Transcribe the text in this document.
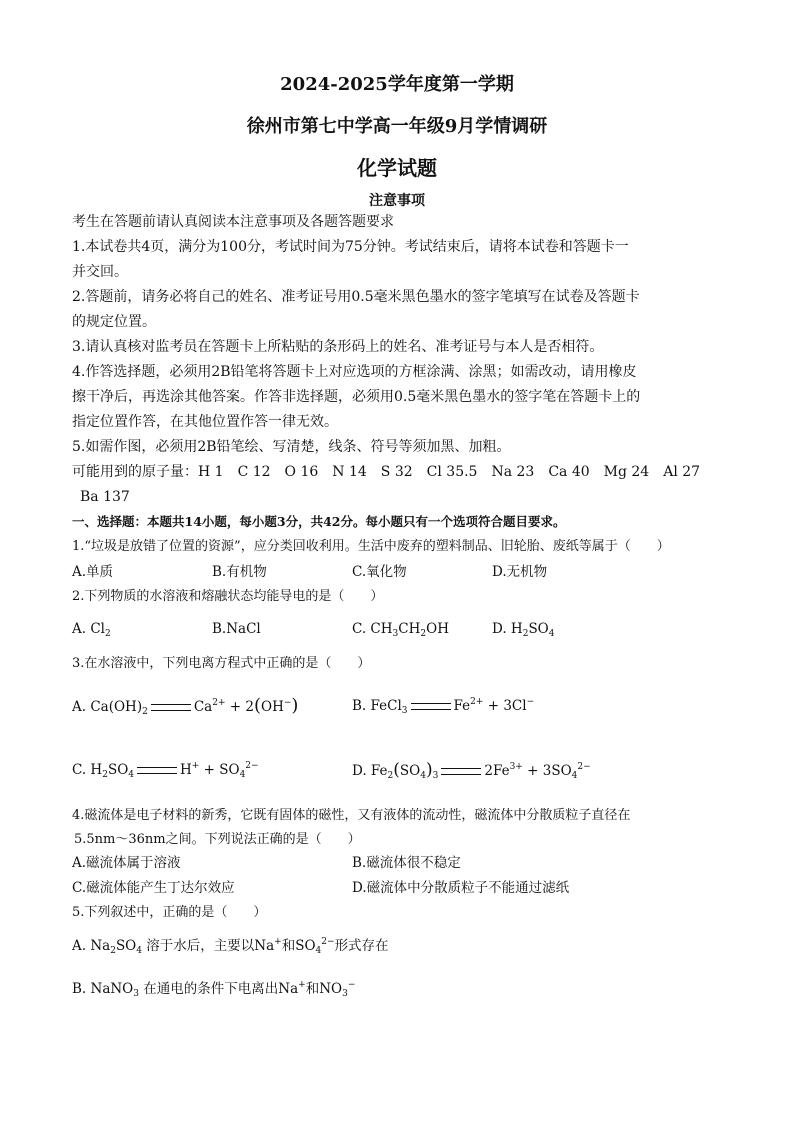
2024-2025学年度第一学期
徐州市第七中学高一年级9月学情调研
化学试题
注意事项
考生在答题前请认真阅读本注意事项及各题答题要求
1.本试卷共4页，满分为100分，考试时间为75分钟。考试结束后，请将本试卷和答题卡一
并交回。
2.答题前，请务必将自己的姓名、准考证号用0.5毫米黑色墨水的签字笔填写在试卷及答题卡
的规定位置。
3.请认真核对监考员在答题卡上所粘贴的条形码上的姓名、准考证号与本人是否相符。
4.作答选择题，必须用2B铅笔将答题卡上对应选项的方框涂满、涂黑；如需改动，请用橡皮
擦干净后，再选涂其他答案。作答非选择题，必须用0.5毫米黑色墨水的签字笔在答题卡上的
指定位置作答，在其他位置作答一律无效。
5.如需作图，必须用2B铅笔绘、写清楚，线条、符号等须加黑、加粗。
可能用到的原子量：H 1　C 12　O 16　N 14　S 32　Cl 35.5　Na 23　Ca 40　Mg 24　Al 27
Ba 137
一、选择题：本题共14小题，每小题3分，共42分。每小题只有一个选项符合题目要求。
1.“垃圾是放错了位置的资源”，应分类回收利用。生活中废弃的塑料制品、旧轮胎、废纸等属于（　　）
A.单质	B.有机物	C.氧化物	D.无机物
2.下列物质的水溶液和熔融状态均能导电的是（　　）
A. $Cl_2$	B.NaCl	C. $CH_3CH_2OH$	D. $H_2SO_4$
3.在水溶液中，下列电离方程式中正确的是（　　）
A. $Ca(OH)_2$	$Ca^{2+} + 2(OH^-)$	B. FeCl$_3$	$Fe^{2+} + 3Cl^-$
C. $H_2SO_4$	$H^+ + SO_4^{2-}$	D. $Fe_2(SO_4)_3$	$2Fe^{3+} + 3SO_4^{2-}$
4.磁流体是电子材料的新秀，它既有固体的磁性，又有液体的流动性，磁流体中分散质粒子直径在
5.5nm～36nm之间。下列说法正确的是（　　）
A.磁流体属于溶液	B.磁流体很不稳定
C.磁流体能产生丁达尔效应	D.磁流体中分散质粒子不能通过滤纸
5.下列叙述中，正确的是（　　）
A. $Na_2SO_4$ 溶于水后，主要以Na+和$SO_4^{2-}$形式存在
B. NaNO$_3$ 在通电的条件下电离出Na+和$NO_3^-$
